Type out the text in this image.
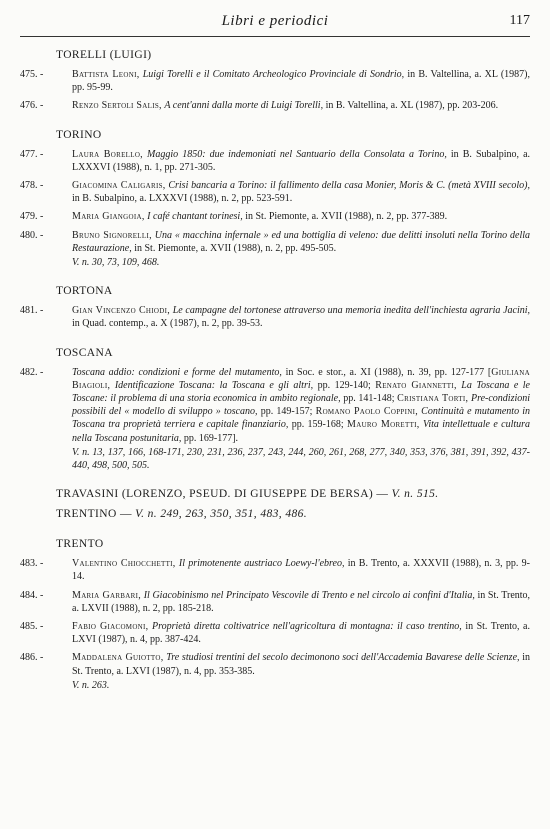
Libri e periodici	117
TORELLI (LUIGI)
475. -	Battista Leoni, Luigi Torelli e il Comitato Archeologico Provinciale di Sondrio, in B. Valtellina, a. XL (1987), pp. 95-99.
476. -	Renzo Sertoli Salis, A cent'anni dalla morte di Luigi Torelli, in B. Valtellina, a. XL (1987), pp. 203-206.
TORINO
477. -	Laura Borello, Maggio 1850: due indemoniati nel Santuario della Consolata a Torino, in B. Subalpino, a. LXXXVI (1988), n. 1, pp. 271-305.
478. -	Giacomina Caligaris, Crisi bancaria a Torino: il fallimento della casa Monier, Moris & C. (metà XVIII secolo), in B. Subalpino, a. LXXXVI (1988), n. 2, pp. 523-591.
479. -	Maria Giangoia, I café chantant torinesi, in St. Piemonte, a. XVII (1988), n. 2, pp. 377-389.
480. -	Bruno Signorelli, Una « macchina infernale » ed una bottiglia di veleno: due delitti insoluti nella Torino della Restaurazione, in St. Piemonte, a. XVII (1988), n. 2, pp. 495-505.
V. n. 30, 73, 109, 468.
TORTONA
481. -	Gian Vincenzo Chiodi, Le campagne del tortonese attraverso una memoria inedita dell'inchiesta agraria Jacini, in Quad. contemp., a. X (1987), n. 2, pp. 39-53.
TOSCANA
482. -	Toscana addio: condizioni e forme del mutamento, in Soc. e stor., a. XI (1988), n. 39, pp. 127-177 [Giuliana Biagioli, Identificazione Toscana: la Toscana e gli altri, pp. 129-140; Renato Giannetti, La Toscana e le Toscane: il problema di una storia economica in ambito regionale, pp. 141-148; Cristiana Torti, Pre-condizioni possibili del « modello di sviluppo » toscano, pp. 149-157; Romano Paolo Coppini, Continuità e mutamento in Toscana tra proprietà terriera e capitale finanziario, pp. 159-168; Mauro Moretti, Vita intellettuale e cultura nella Toscana postunitaria, pp. 169-177].
V. n. 13, 137, 166, 168-171, 230, 231, 236, 237, 243, 244, 260, 261, 268, 277, 340, 353, 376, 381, 391, 392, 437-440, 498, 500, 505.
TRAVASINI (LORENZO, PSEUD. DI GIUSEPPE DE BERSA) — V. n. 515.
TRENTINO — V. n. 249, 263, 350, 351, 483, 486.
TRENTO
483. -	Valentino Chiocchetti, Il primotenente austriaco Loewy-l'ebreo, in B. Trento, a. XXXVII (1988), n. 3, pp. 9-14.
484. -	Maria Garbari, Il Giacobinismo nel Principato Vescovile di Trento e nel circolo ai confini d'Italia, in St. Trento, a. LXVII (1988), n. 2, pp. 185-218.
485. -	Fabio Giacomoni, Proprietà diretta coltivatrice nell'agricoltura di montagna: il caso trentino, in St. Trento, a. LXVI (1987), n. 4, pp. 387-424.
486. -	Maddalena Guiotto, Tre studiosi trentini del secolo decimonono soci dell'Accademia Bavarese delle Scienze, in St. Trento, a. LXVI (1987), n. 4, pp. 353-385.
V. n. 263.
